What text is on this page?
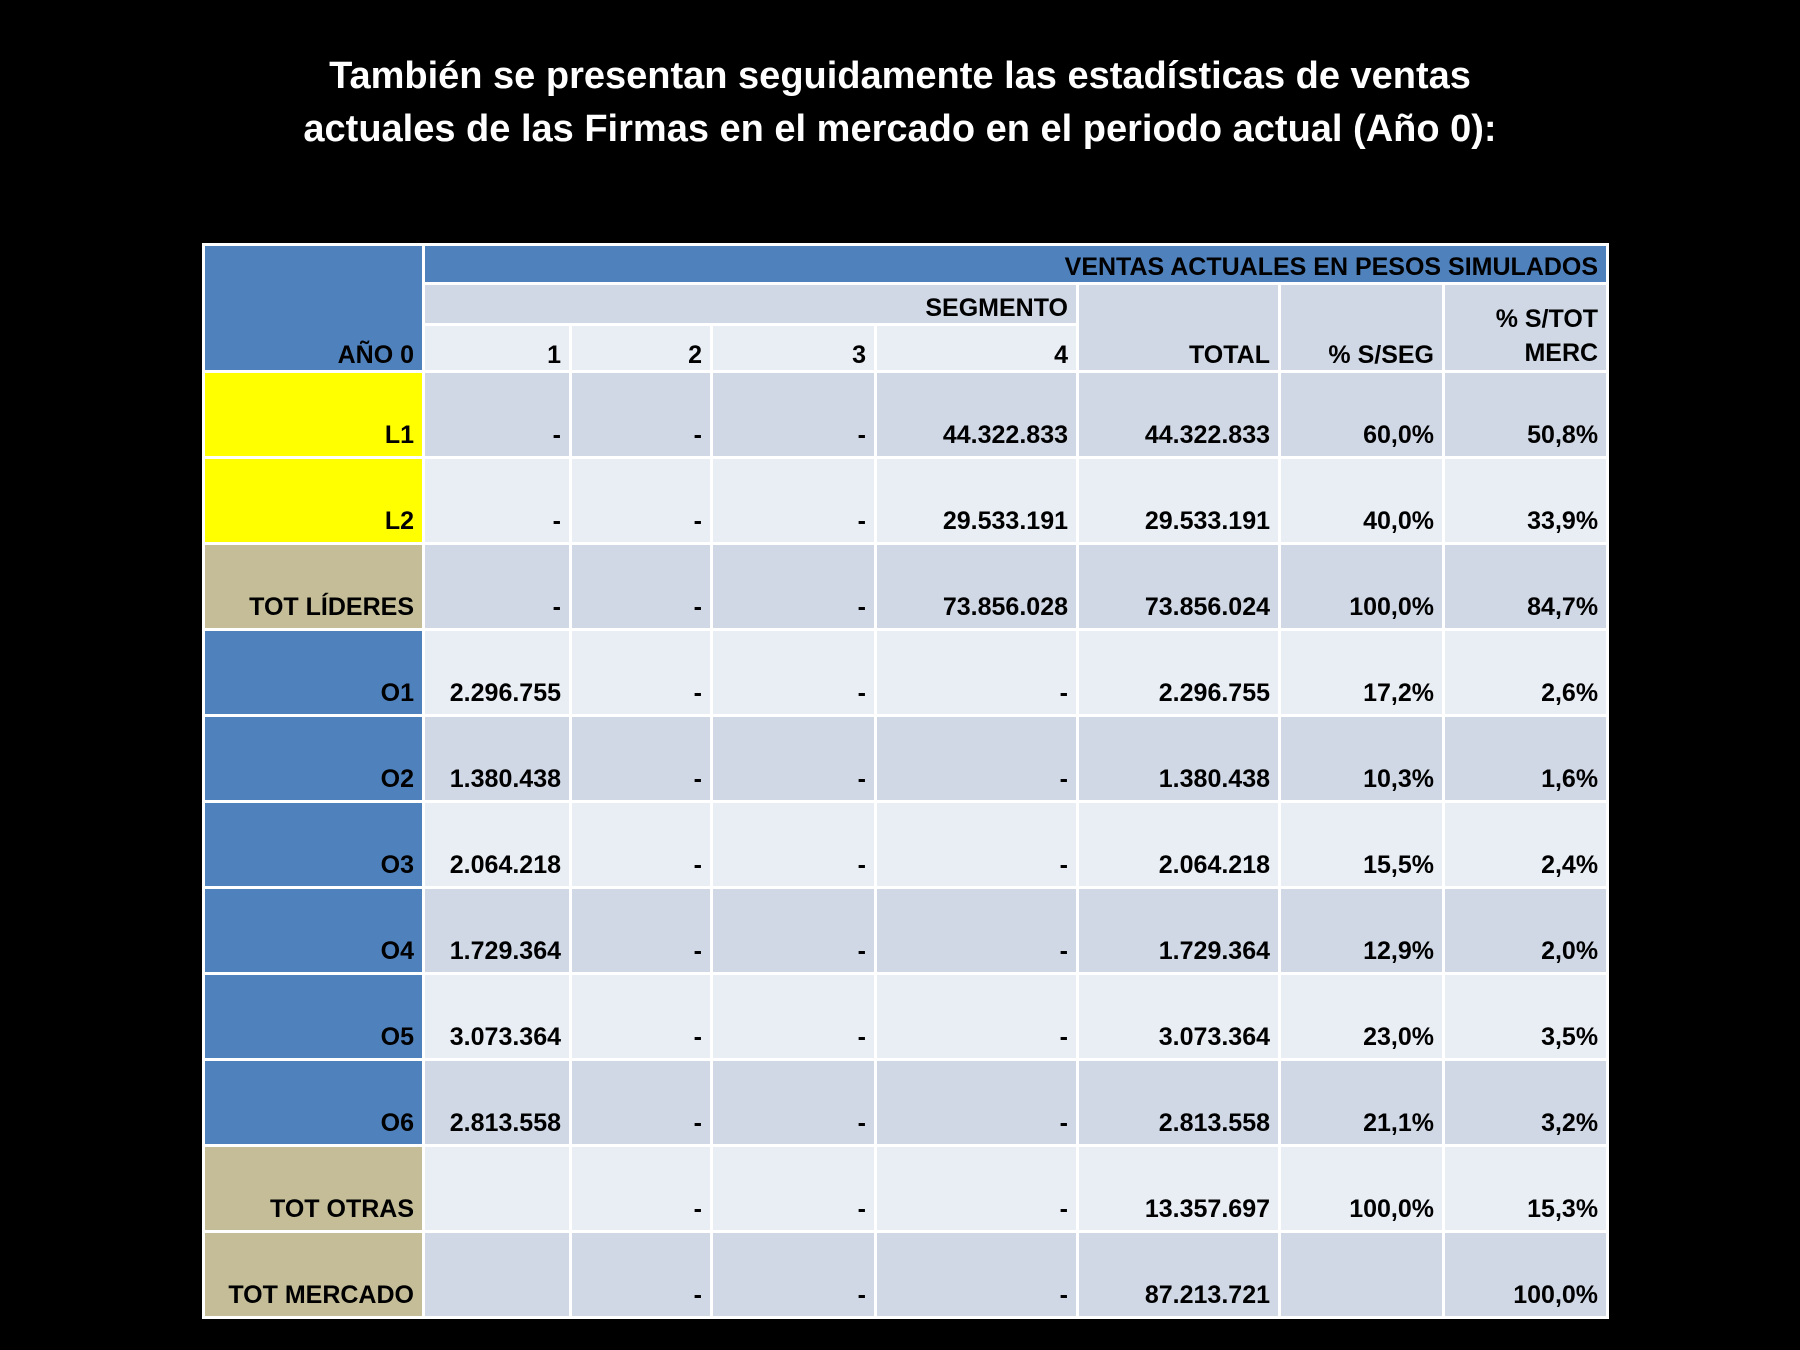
También se presentan seguidamente las estadísticas de ventas
actuales de las Firmas en el mercado en el periodo actual (Año 0):
AÑO 0	VENTAS ACTUALES EN PESOS SIMULADOS						
	SEGMENTO				TOTAL	% S/SEG	% S/TOT
MERC
	1	2	3	4			
L1	-	-	-	44.322.833	44.322.833	60,0%	50,8%
L2	-	-	-	29.533.191	29.533.191	40,0%	33,9%
TOT LÍDERES	-	-	-	73.856.028	73.856.024	100,0%	84,7%
O1	2.296.755	-	-	-	2.296.755	17,2%	2,6%
O2	1.380.438	-	-	-	1.380.438	10,3%	1,6%
O3	2.064.218	-	-	-	2.064.218	15,5%	2,4%
O4	1.729.364	-	-	-	1.729.364	12,9%	2,0%
O5	3.073.364	-	-	-	3.073.364	23,0%	3,5%
O6	2.813.558	-	-	-	2.813.558	21,1%	3,2%
TOT OTRAS		-	-	-	13.357.697	100,0%	15,3%
TOT MERCADO		-	-	-	87.213.721		100,0%
